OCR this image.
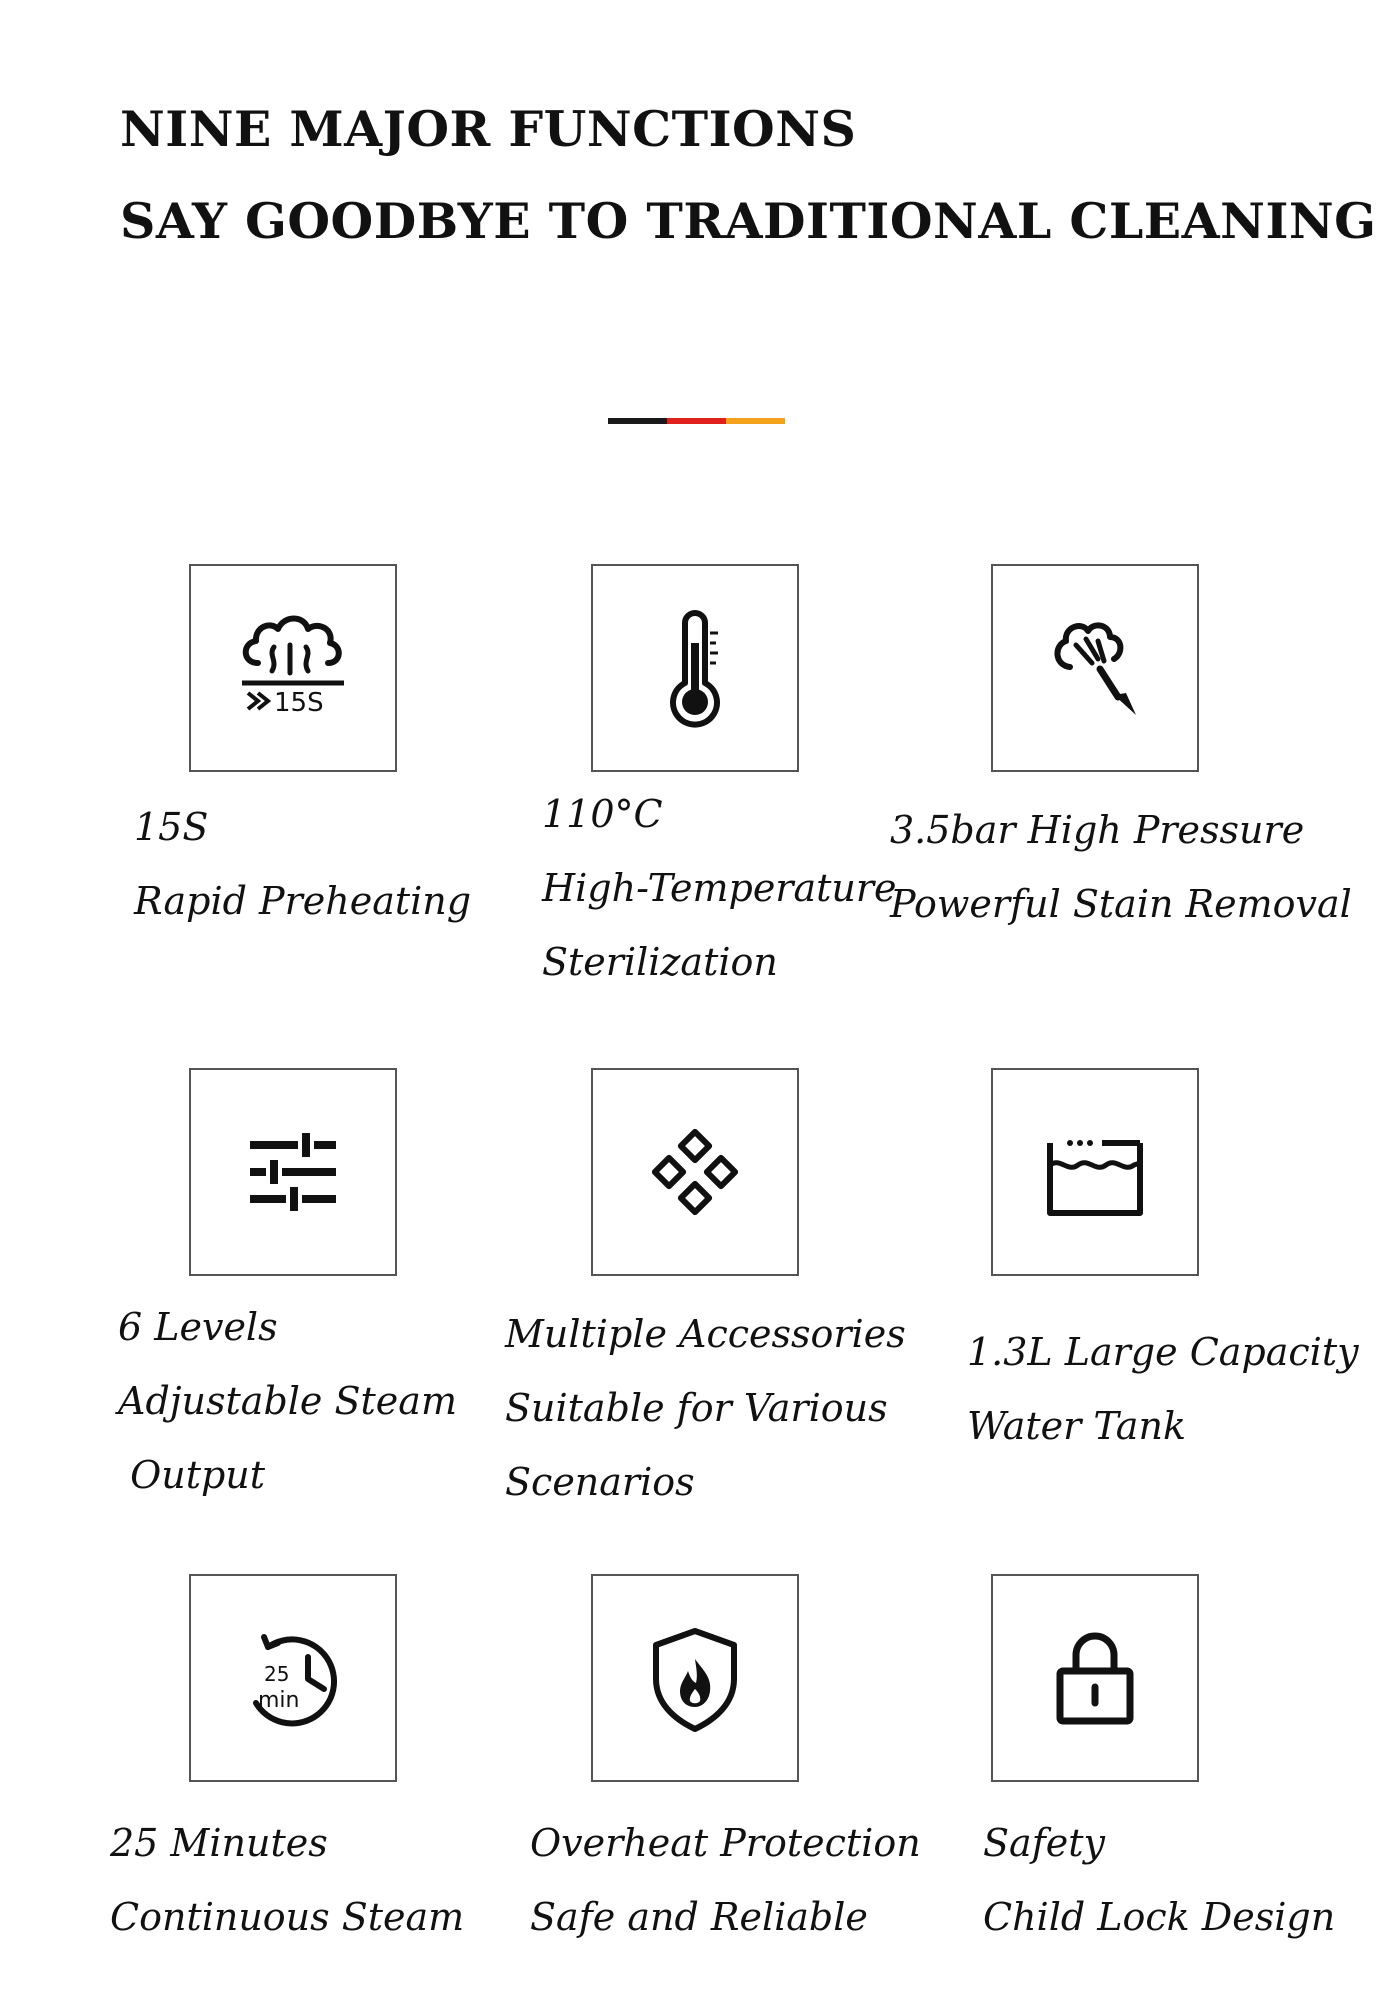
NINE MAJOR FUNCTIONS
SAY GOODBYE TO TRADITIONAL CLEANING
15S
15S
Rapid Preheating
110°C
High-Temperature
Sterilization
3.5bar High Pressure
Powerful Stain Removal
6 Levels
Adjustable Steam
Output
Multiple Accessories
Suitable for Various
Scenarios
1.3L Large Capacity
Water Tank
25
min
25 Minutes
Continuous Steam
Overheat Protection
Safe and Reliable
Safety
Child Lock Design
